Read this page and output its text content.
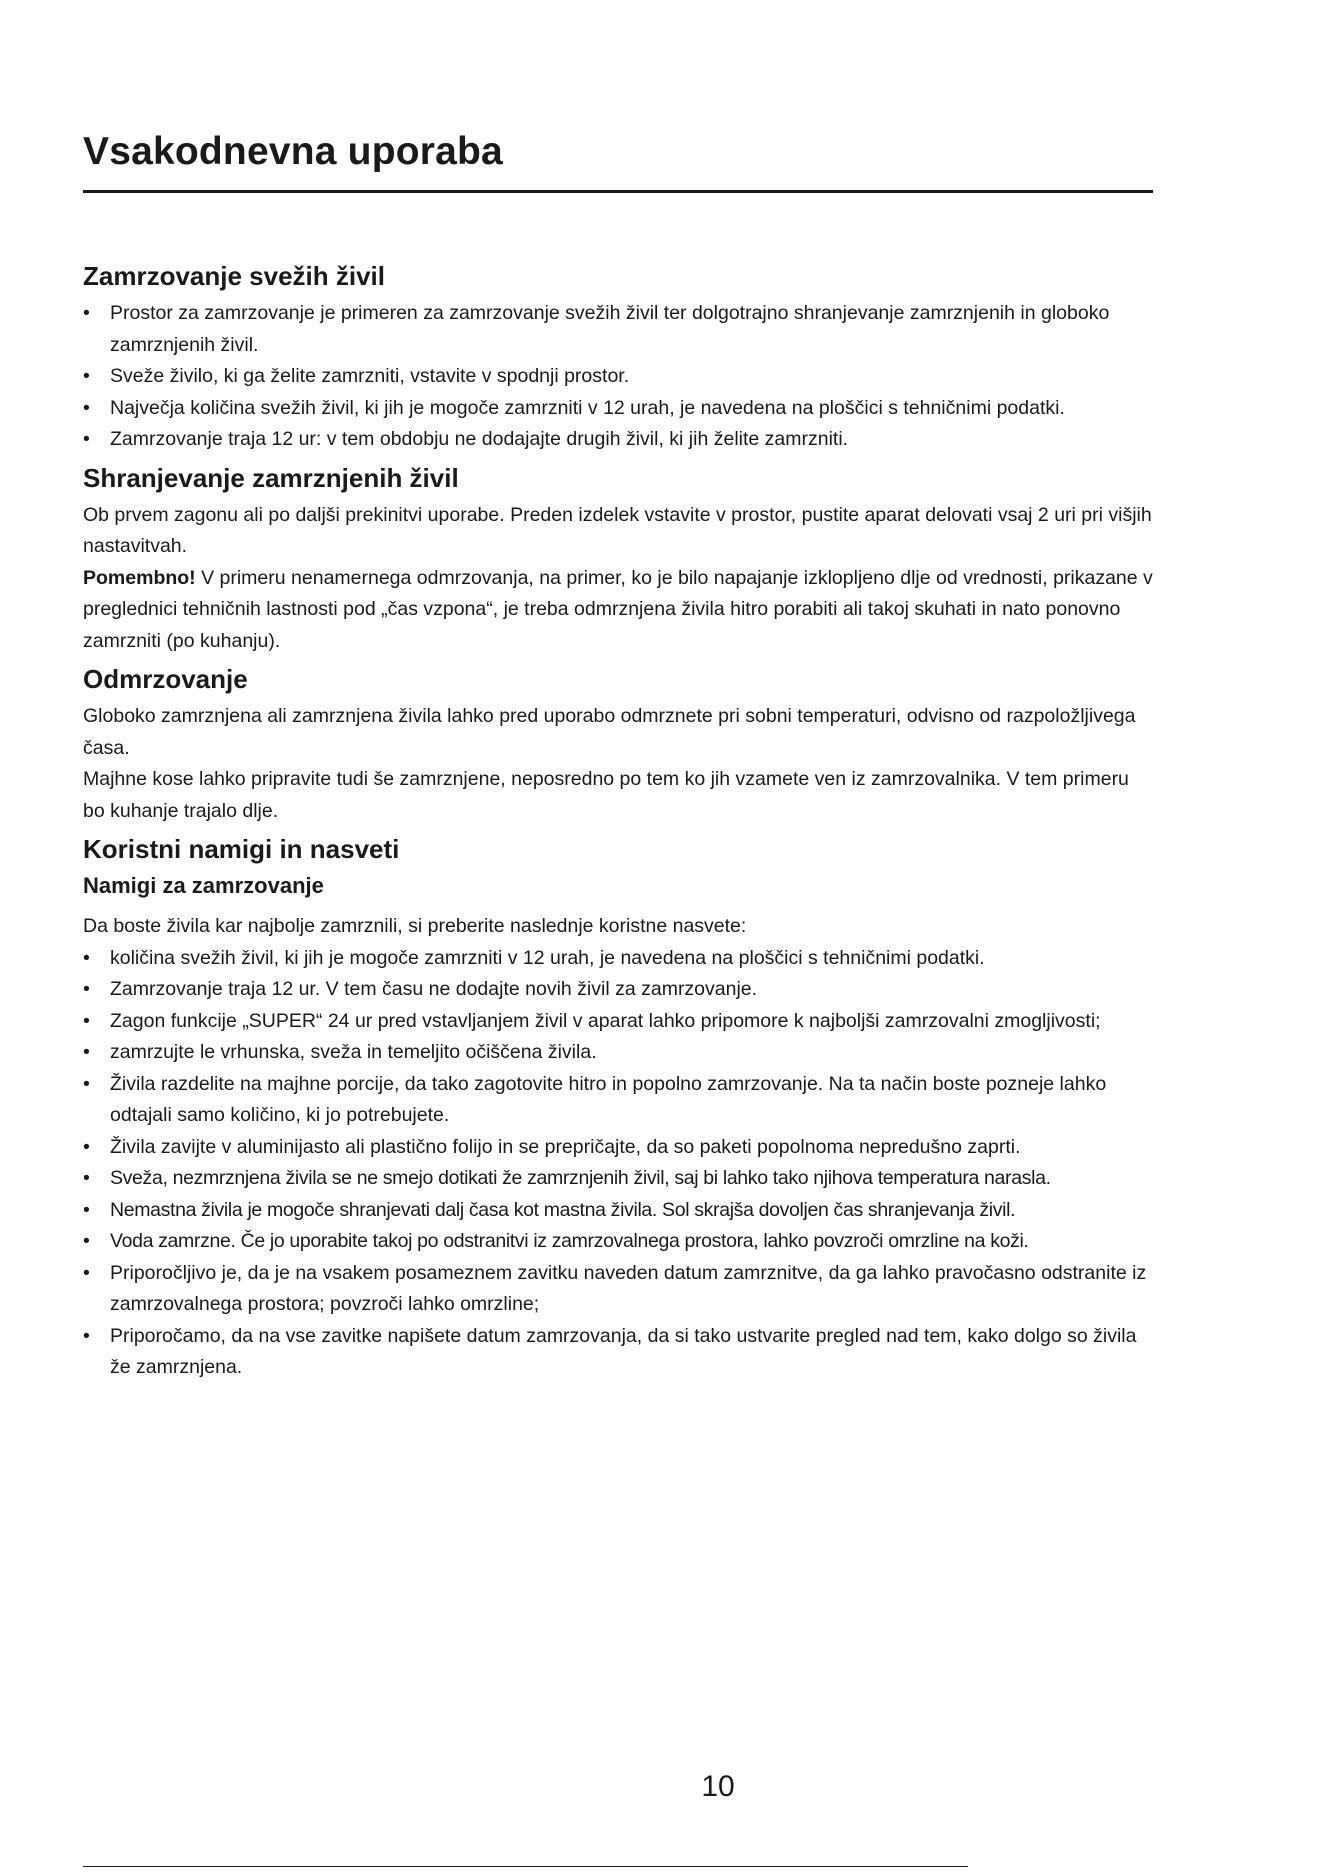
Vsakodnevna uporaba
Zamrzovanje svežih živil
• Prostor za zamrzovanje je primeren za zamrzovanje svežih živil ter dolgotrajno shranjevanje zamrznjenih in globoko zamrznjenih živil.
• Sveže živilo, ki ga želite zamrzniti, vstavite v spodnji prostor.
• Največja količina svežih živil, ki jih je mogoče zamrzniti v 12 urah, je navedena na ploščici s tehničnimi podatki.
• Zamrzovanje traja 12 ur: v tem obdobju ne dodajajte drugih živil, ki jih želite zamrzniti.
Shranjevanje zamrznjenih živil

Ob prvem zagonu ali po daljši prekinitvi uporabe. Preden izdelek vstavite v prostor, pustite aparat delovati vsaj 2 uri pri višjih nastavitvah.

Pomembno! V primeru nenamernega odmrzovanja, na primer, ko je bilo napajanje izklopljeno dlje od vrednosti, prikazane v preglednici tehničnih lastnosti pod „čas vzpona“, je treba odmrznjena živila hitro porabiti ali takoj skuhati in nato ponovno zamrzniti (po kuhanju).

Odmrzovanje

Globoko zamrznjena ali zamrznjena živila lahko pred uporabo odmrznete pri sobni temperaturi, odvisno od razpoložljivega časa.

Majhne kose lahko pripravite tudi še zamrznjene, neposredno po tem ko jih vzamete ven iz zamrzovalnika. V tem primeru bo kuhanje trajalo dlje.

Koristni namigi in nasveti
Namigi za zamrzovanje

Da boste živila kar najbolje zamrznili, si preberite naslednje koristne nasvete:

• količina svežih živil, ki jih je mogoče zamrzniti v 12 urah, je navedena na ploščici s tehničnimi podatki.
• Zamrzovanje traja 12 ur. V tem času ne dodajte novih živil za zamrzovanje.
• Zagon funkcije „SUPER“ 24 ur pred vstavljanjem živil v aparat lahko pripomore k najboljši zamrzovalni zmogljivosti;
• zamrzujte le vrhunska, sveža in temeljito očiščena živila.
• Živila razdelite na majhne porcije, da tako zagotovite hitro in popolno zamrzovanje. Na ta način boste pozneje lahko odtajali samo količino, ki jo potrebujete.
• Živila zavijte v aluminijasto ali plastično folijo in se prepričajte, da so paketi popolnoma nepredušno zaprti.
• Sveža, nezmrznjena živila se ne smejo dotikati že zamrznjenih živil, saj bi lahko tako njihova temperatura narasla.
• Nemastna živila je mogoče shranjevati dalj časa kot mastna živila. Sol skrajša dovoljen čas shranjevanja živil.
• Voda zamrzne. Če jo uporabite takoj po odstranitvi iz zamrzovalnega prostora, lahko povzroči omrzline na koži.
• Priporočljivo je, da je na vsakem posameznem zavitku naveden datum zamrznitve, da ga lahko pravočasno odstranite iz zamrzovalnega prostora; povzroči lahko omrzline;
• Priporočamo, da na vse zavitke napišete datum zamrzovanja, da si tako ustvarite pregled nad tem, kako dolgo so živila že zamrznjena.
10
